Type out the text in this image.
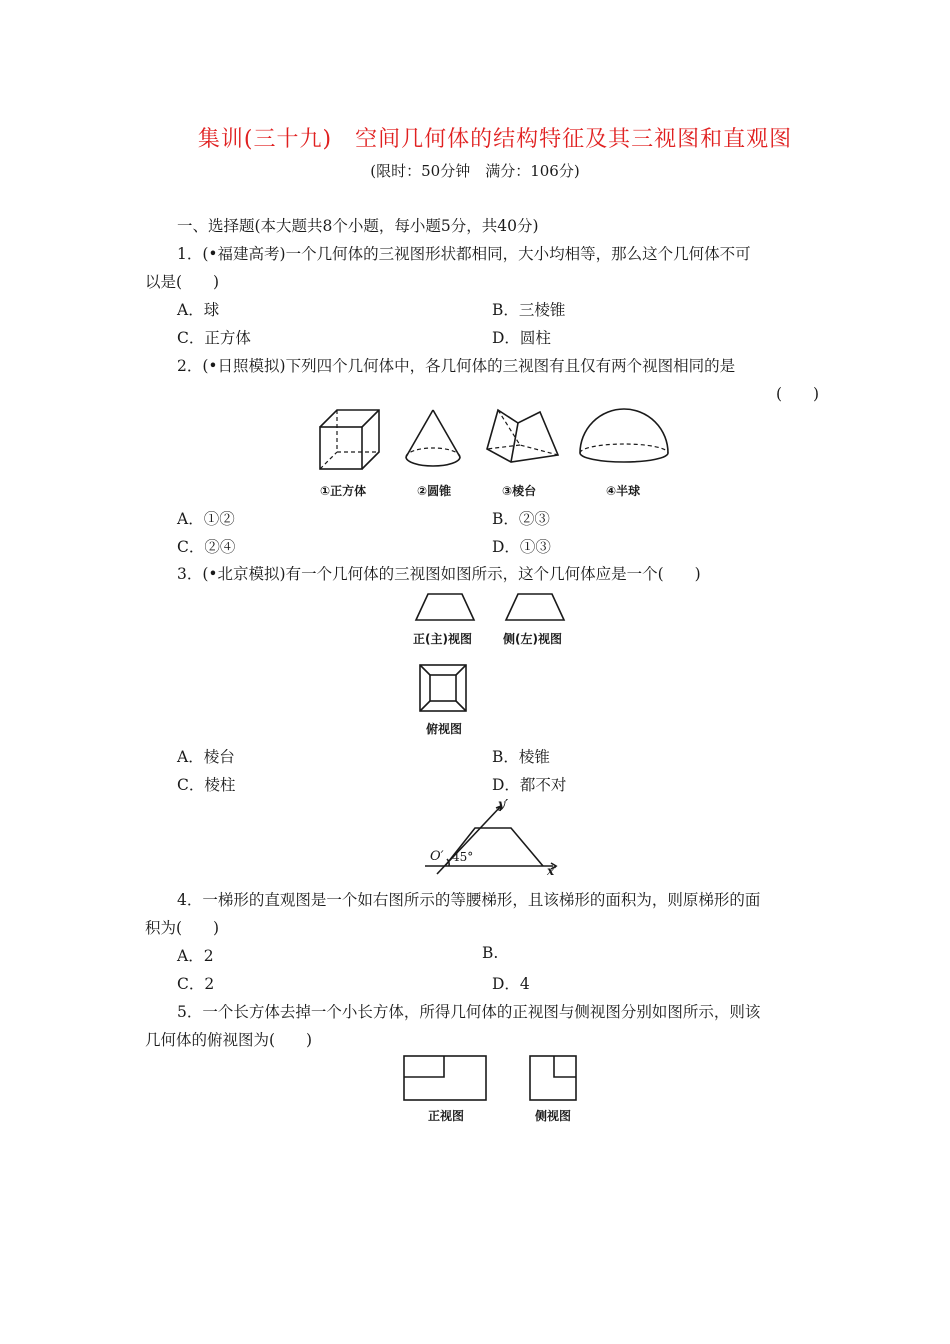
集训(三十九)　空间几何体的结构特征及其三视图和直观图
(限时：50分钟　满分：106分)
一、选择题(本大题共8个小题，每小题5分，共40分)
1．(•福建高考)一个几何体的三视图形状都相同，大小均相等，那么这个几何体不可
以是(　　)
A．球	B．三棱锥
C．正方体	D．圆柱
2．(•日照模拟)下列四个几何体中，各几何体的三视图有且仅有两个视图相同的是
(　　)
①正方体	②圆锥	③棱台	④半球
A．①②	B．②③
C．②④	D．①③
3．(•北京模拟)有一个几何体的三视图如图所示，这个几何体应是一个(　　)
正(主)视图	侧(左)视图
俯视图
A．棱台	B．棱锥
C．棱柱	D．都不对
y′
O′ 45°
x′
4．一梯形的直观图是一个如右图所示的等腰梯形，且该梯形的面积为，则原梯形的面
积为(　　)
A．2	B.
C．2	D．4
5．一个长方体去掉一个小长方体，所得几何体的正视图与侧视图分别如图所示，则该
几何体的俯视图为(　　)
正视图	侧视图
